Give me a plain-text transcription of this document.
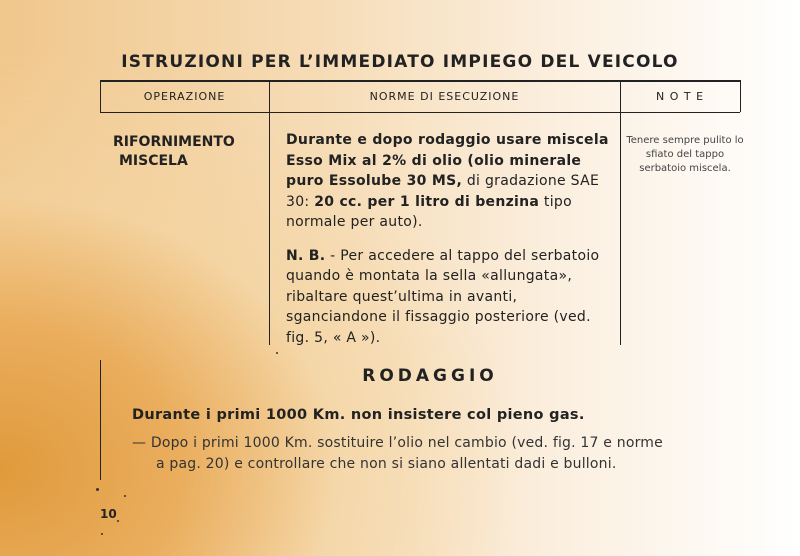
ISTRUZIONI PER L’IMMEDIATO IMPIEGO DEL VEICOLO
OPERAZIONE	NORME DI ESECUZIONE	N O T E
RIFORNIMENTO
MISCELA

Durante e dopo rodaggio usare miscela Esso Mix al 2% di olio (olio minerale puro Essolube 30 MS, di gradazione SAE 30: 20 cc. per 1 litro di benzina tipo normale per auto).

N. B. - Per accedere al tappo del serbatoio quando è montata la sella «allungata», ribaltare quest’ultima in avanti, sganciandone il fissaggio posteriore (ved. fig. 5, « A »).

Tenere sempre pulito lo sfiato del tappo serbatoio miscela.
RODAGGIO
Durante i primi 1000 Km. non insistere col pieno gas.
— Dopo i primi 1000 Km. sostituire l’olio nel cambio (ved. fig. 17 e norme
a pag. 20) e controllare che non si siano allentati dadi e bulloni.
10
